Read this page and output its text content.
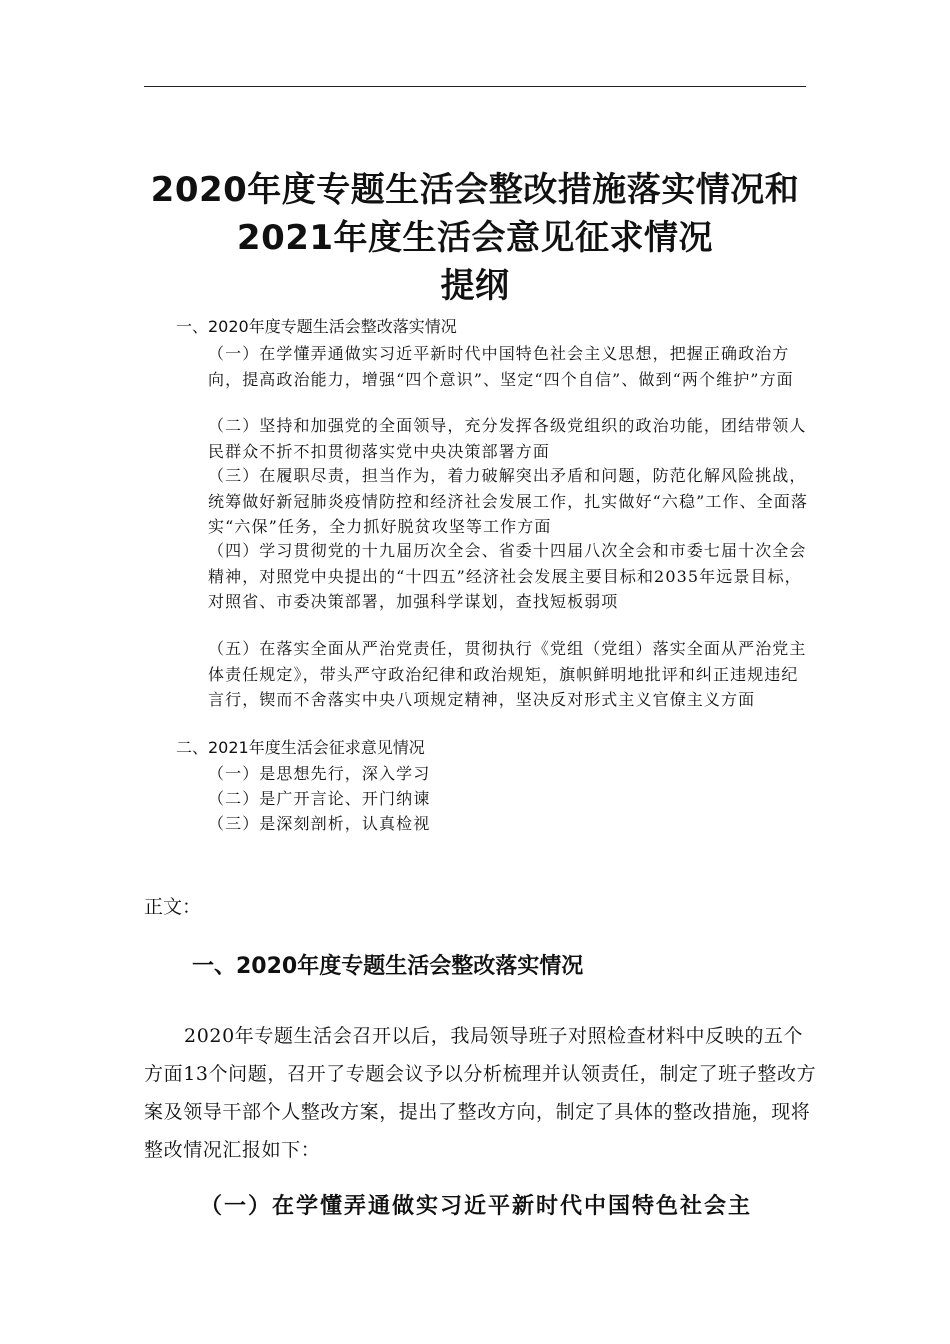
2020年度专题生活会整改措施落实情况和
2021年度生活会意见征求情况
提纲
一、2020年度专题生活会整改落实情况
（一）在学懂弄通做实习近平新时代中国特色社会主义思想，把握正确政治方向，提高政治能力，增强“四个意识”、坚定“四个自信”、做到“两个维护”方面
（二）坚持和加强党的全面领导，充分发挥各级党组织的政治功能，团结带领人民群众不折不扣贯彻落实党中央决策部署方面
（三）在履职尽责，担当作为，着力破解突出矛盾和问题，防范化解风险挑战，统筹做好新冠肺炎疫情防控和经济社会发展工作，扎实做好“六稳”工作、全面落实“六保”任务，全力抓好脱贫攻坚等工作方面
（四）学习贯彻党的十九届历次全会、省委十四届八次全会和市委七届十次全会精神，对照党中央提出的“十四五”经济社会发展主要目标和2035年远景目标，对照省、市委决策部署，加强科学谋划，查找短板弱项
（五）在落实全面从严治党责任，贯彻执行《党组（党组）落实全面从严治党主体责任规定》，带头严守政治纪律和政治规矩，旗帜鲜明地批评和纠正违规违纪言行，锲而不舍落实中央八项规定精神，坚决反对形式主义官僚主义方面
二、2021年度生活会征求意见情况
（一）是思想先行，深入学习
（二）是广开言论、开门纳谏
（三）是深刻剖析，认真检视
正文：
一、2020年度专题生活会整改落实情况
2020年专题生活会召开以后，我局领导班子对照检查材料中反映的五个方面13个问题，召开了专题会议予以分析梳理并认领责任，制定了班子整改方案及领导干部个人整改方案，提出了整改方向，制定了具体的整改措施，现将整改情况汇报如下：
（一）在学懂弄通做实习近平新时代中国特色社会主
